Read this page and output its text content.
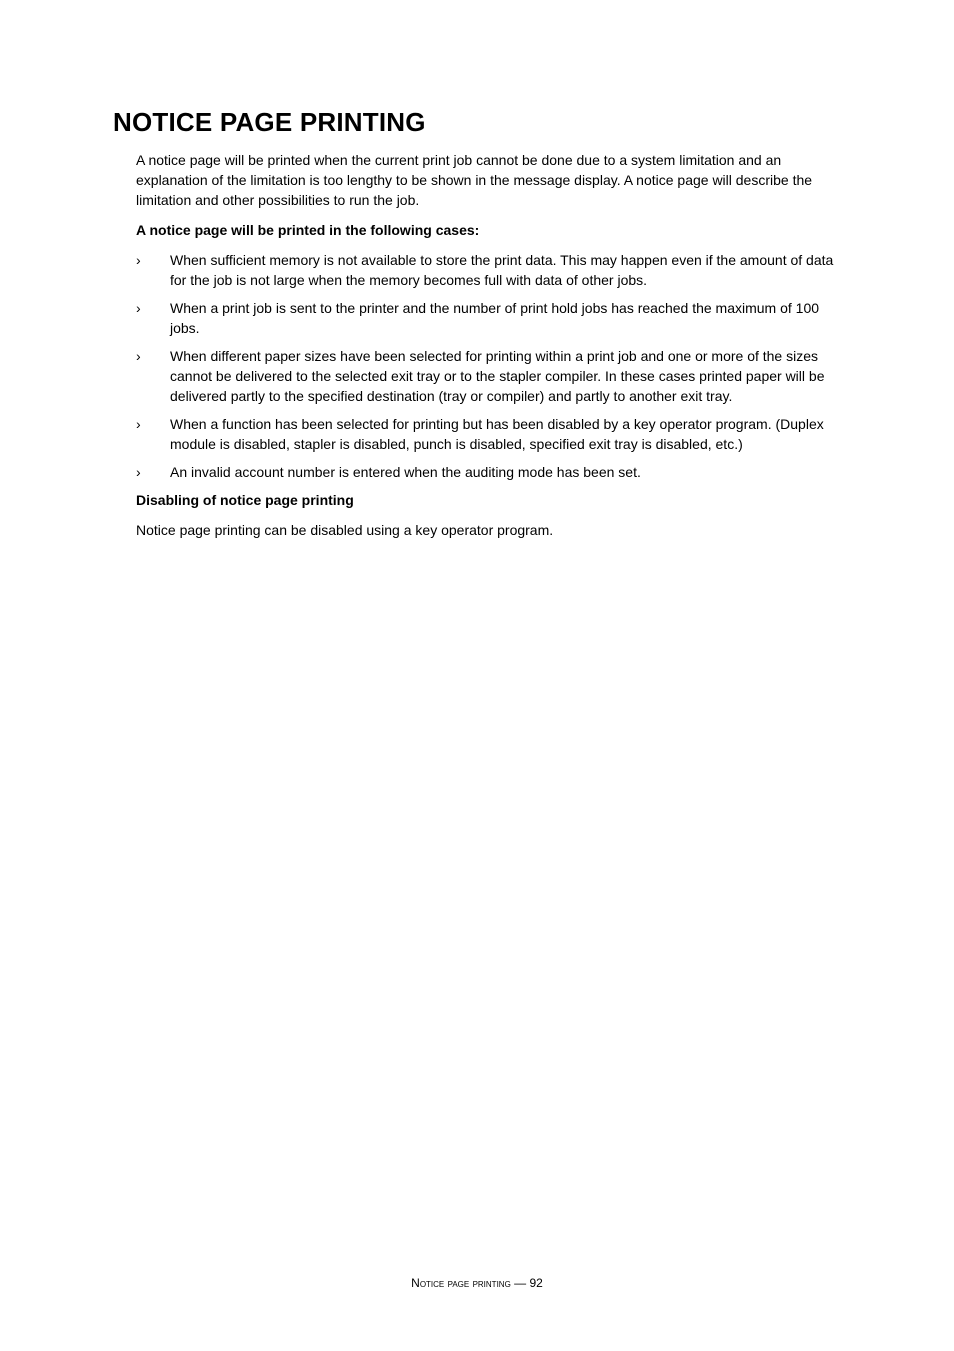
NOTICE PAGE PRINTING

A notice page will be printed when the current print job cannot be done due to a system limitation and an explanation of the limitation is too lengthy to be shown in the message display. A notice page will describe the limitation and other possibilities to run the job.

A notice page will be printed in the following cases:

›	When sufficient memory is not available to store the print data. This may happen even if the amount of data for the job is not large when the memory becomes full with data of other jobs.
›	When a print job is sent to the printer and the number of print hold jobs has reached the maximum of 100 jobs.
›	When different paper sizes have been selected for printing within a print job and one or more of the sizes cannot be delivered to the selected exit tray or to the stapler compiler. In these cases printed paper will be delivered partly to the specified destination (tray or compiler) and partly to another exit tray.
›	When a function has been selected for printing but has been disabled by a key operator program. (Duplex module is disabled, stapler is disabled, punch is disabled, specified exit tray is disabled, etc.)
›	An invalid account number is entered when the auditing mode has been set.

Disabling of notice page printing

Notice page printing can be disabled using a key operator program.

Notice page printing — 92
